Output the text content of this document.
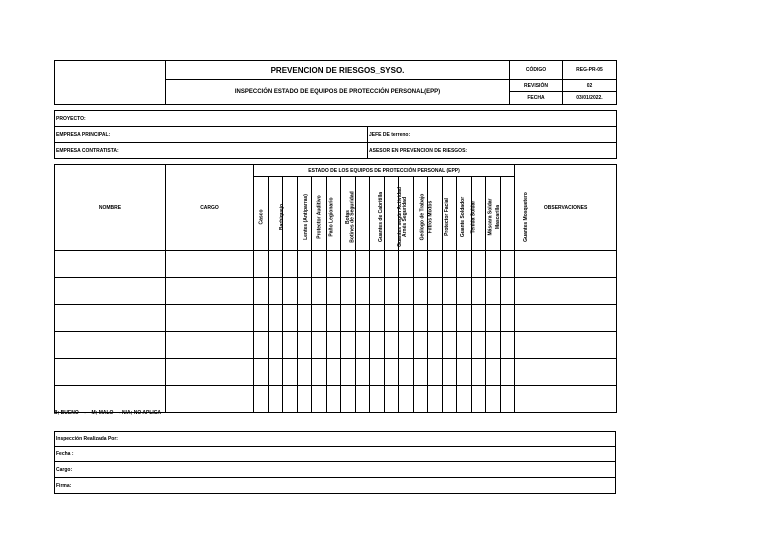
	PREVENCION DE RIESGOS_SYSO.	CÓDIGO	REG-PR-05
	INSPECCIÓN ESTADO DE EQUIPOS DE PROTECCIÓN PERSONAL(EPP)	REVISIÓN	02
		FECHA	03/01/2022.
PROYECTO:	
EMPRESA PRINCIPAL:	JEFE DE terreno:
EMPRESA CONTRATISTA:	ASESOR EN PREVENCION DE RIESGOS:
NOMBRE	CARGO	ESTADO DE LOS EQUIPOS DE PROTECCIÓN PERSONAL (EPP)																		OBSERVACIONES
		Casco	Barbiquejo	Lentes (Antiparras)	Protector Auditivo	Paño Legionario	Botines de Seguridad	Botas	Guantes de Cabritilla	Guantes según Actividad	Arnés Seguridad	Geólogo de Trabajo	Filtros Mixtos	Protector Facial	Guante Soldador	Tenida Soldar	Máscara Soldar	Mascarilla	Guantes Mosquetero	

B; BUENO    -    M; MALO    - N/A; NO APLICA
Inspección Realizada Por:
Fecha :
Cargo:
Firma:
